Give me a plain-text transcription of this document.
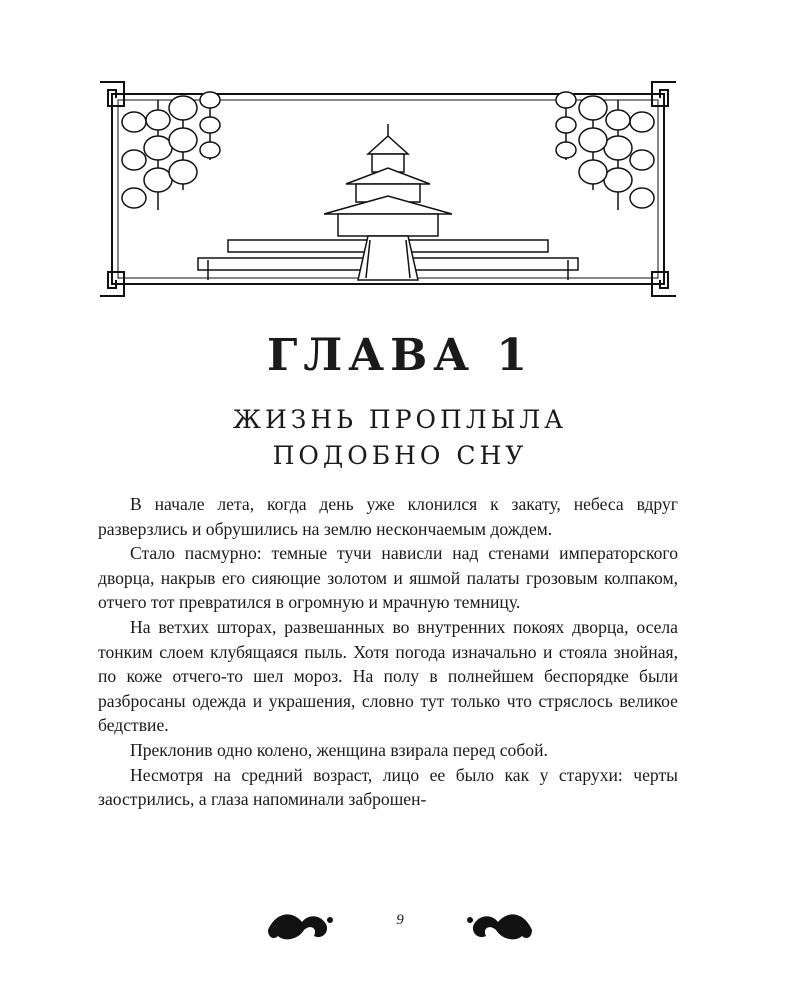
ГЛАВА 1
ЖИЗНЬ ПРОПЛЫЛА
ПОДОБНО СНУ

В начале лета, когда день уже клонился к закату, небеса вдруг разверзлись и обрушились на землю нескончаемым дождем.

Стало пасмурно: темные тучи нависли над стенами императорского дворца, накрыв его сияющие золотом и яшмой палаты грозовым колпаком, отчего тот превратился в огромную и мрачную темницу.

На ветхих шторах, развешанных во внутренних покоях дворца, осела тонким слоем клубящаяся пыль. Хотя погода изначально и стояла знойная, по коже отчего-то шел мороз. На полу в полнейшем беспорядке были разбросаны одежда и украшения, словно тут только что стряслось великое бедствие.

Преклонив одно колено, женщина взирала перед собой.

Несмотря на средний возраст, лицо ее было как у старухи: черты заострились, а глаза напоминали заброшен-

9
